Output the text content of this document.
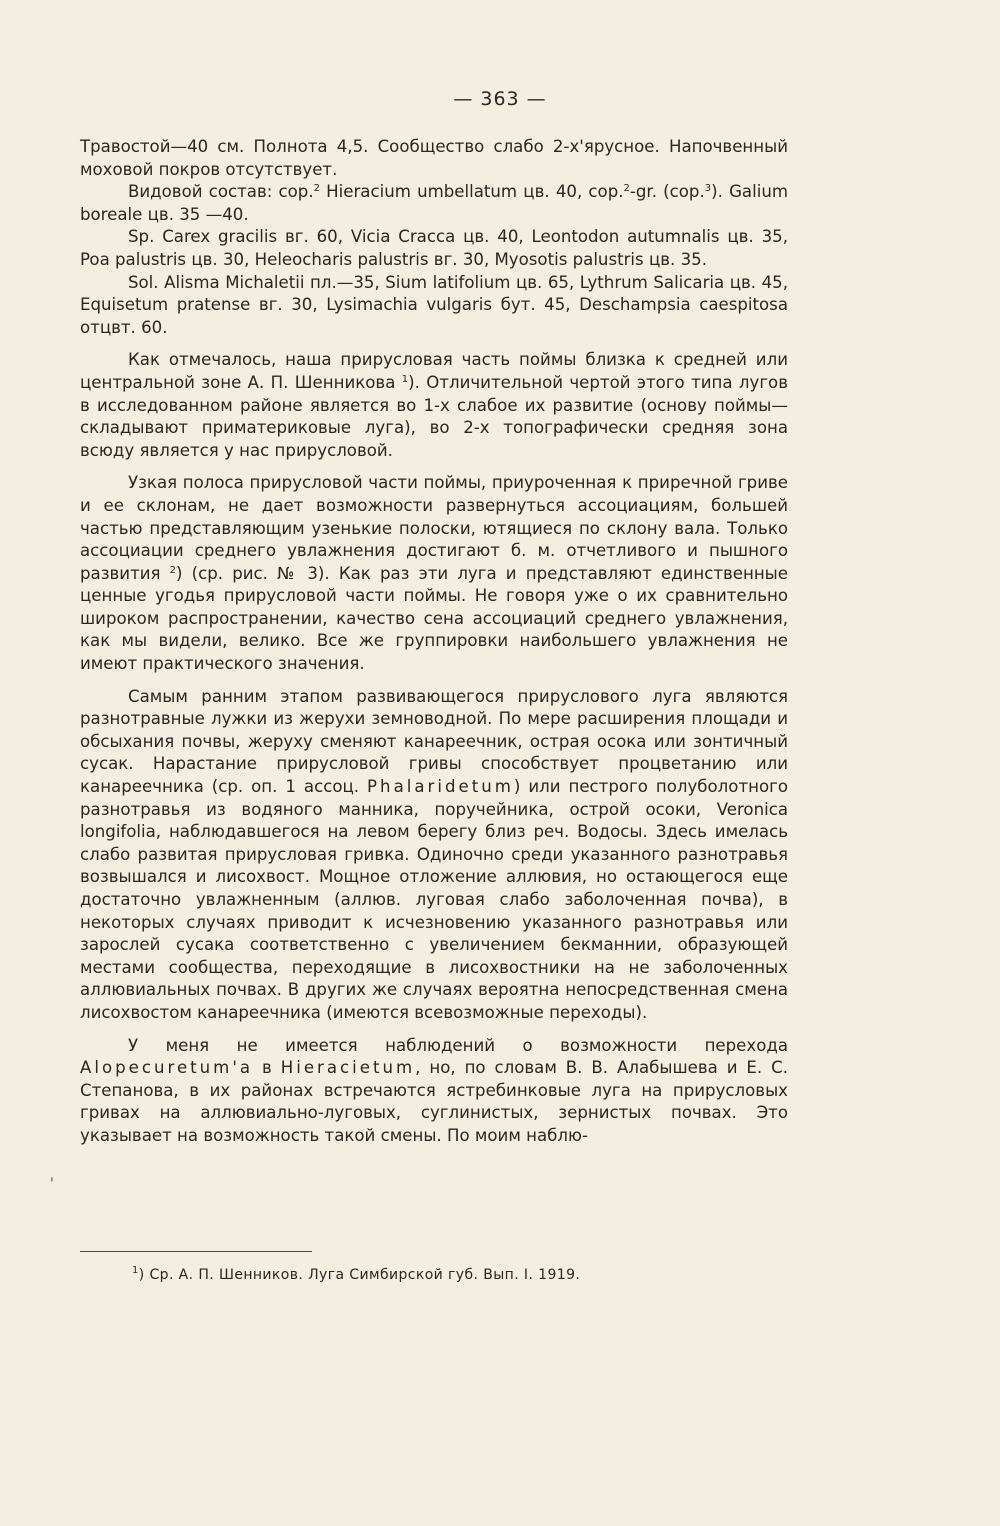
— 363 —

Травостой—40 см. Полнота 4,5. Сообщество слабо 2-х'ярусное. Напочвенный моховой покров отсутствует.

Видовой состав: cop.$^2$ Hieracium umbellatum цв. 40, cop.$^2$-gr. (cop.$^3$). Galium boreale цв. 35 —40.

Sp. Carex gracilis вг. 60, Vicia Cracca цв. 40, Leontodon autumnalis цв. 35, Poa palustris цв. 30, Heleocharis palustris вг. 30, Myosotis palustris цв. 35.

Sol. Alisma Michaletii пл.—35, Sium latifolium цв. 65, Lythrum Salicaria цв. 45, Equisetum pratense вг. 30, Lysimachia vulgaris бут. 45, Deschampsia caespitosa отцвт. 60.

Как отмечалось, наша прирусловая часть поймы близка к средней или центральной зоне А. П. Шенникова $^1$). Отличительной чертой этого типа лугов в исследованном районе является во 1-х слабое их развитие (основу поймы—складывают приматериковые луга), во 2-х топографически средняя зона всюду является у нас прирусловой.

Узкая полоса прирусловой части поймы, приуроченная к приречной гриве и ее склонам, не дает возможности развернуться ассоциациям, большей частью представляющим узенькие полоски, ютящиеся по склону вала. Только ассоциации среднего увлажнения достигают б. м. отчетливого и пышного развития $^2$) (ср. рис. № 3). Как раз эти луга и представляют единственные ценные угодья прирусловой части поймы. Не говоря уже о их сравнительно широком распространении, качество сена ассоциаций среднего увлажнения, как мы видели, велико. Все же группировки наибольшего увлажнения не имеют практического значения.

Самым ранним этапом развивающегося прируслового луга являются разнотравные лужки из жерухи земноводной. По мере расширения площади и обсыхания почвы, жеруху сменяют канареечник, острая осока или зонтичный сусак. Нарастание прирусловой гривы способствует процветанию или канареечника (ср. оп. 1 ассоц. Phalaridetum) или пестрого полуболотного разнотравья из водяного манника, поручейника, острой осоки, Veronica longifolia, наблюдавшегося на левом берегу близ реч. Водосы. Здесь имелась слабо развитая прирусловая гривка. Одиночно среди указанного разнотравья возвышался и лисохвост. Мощное отложение аллювия, но остающегося еще достаточно увлажненным (аллюв. луговая слабо заболоченная почва), в некоторых случаях приводит к исчезновению указанного разнотравья или зарослей сусака соответственно с увеличением бекманнии, образующей местами сообщества, переходящие в лисохвостники на не заболоченных аллювиальных почвах. В других же случаях вероятна непосредственная смена лисохвостом канареечника (имеются всевозможные переходы).

У меня не имеется наблюдений о возможности перехода Alopecuretum'a в Hieracietum, но, по словам В. В. Алабышева и Е. С. Степанова, в их районах встречаются ястребинковые луга на прирусловых гривах на аллювиально-луговых, суглинистых, зернистых почвах. Это указывает на возможность такой смены. По моим наблю-

'
$^1$) Ср. А. П. Шенников. Луга Симбирской губ. Вып. I. 1919.
